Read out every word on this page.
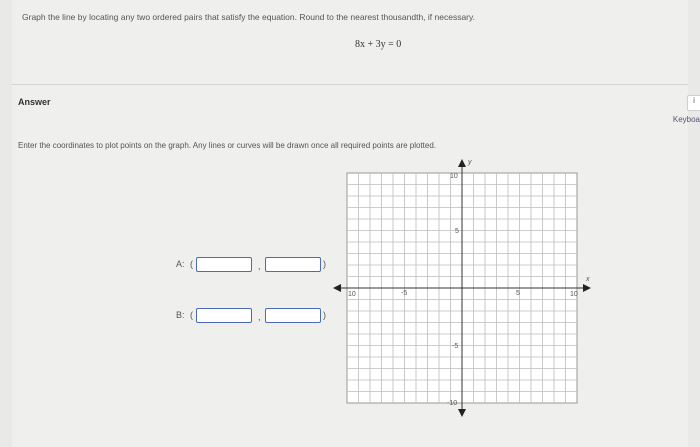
Graph the line by locating any two ordered pairs that satisfy the equation. Round to the nearest thousandth, if necessary.
8x + 3y = 0
Answer
Enter the coordinates to plot points on the graph. Any lines or curves will be drawn once all required points are plotted.
i
Keyboa
A: (	,	)
B: (	,	)
x
y
10	-5	5	10
10
5
-5
-10
